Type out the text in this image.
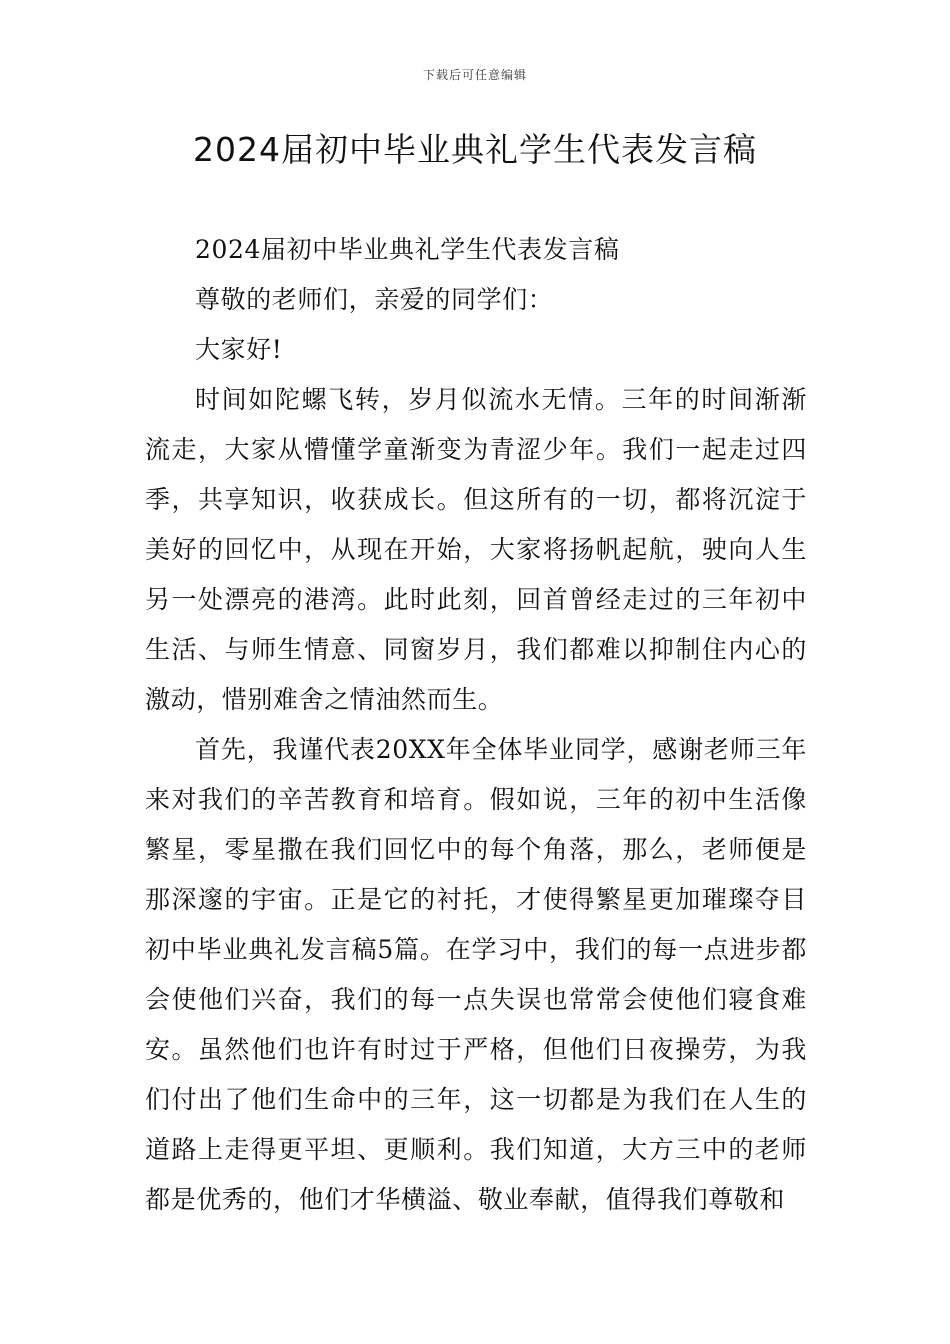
下载后可任意编辑
2024届初中毕业典礼学生代表发言稿

2024届初中毕业典礼学生代表发言稿

尊敬的老师们，亲爱的同学们：

大家好!

时间如陀螺飞转，岁月似流水无情。三年的时间渐渐流走，大家从懵懂学童渐变为青涩少年。我们一起走过四季，共享知识，收获成长。但这所有的一切，都将沉淀于美好的回忆中，从现在开始，大家将扬帆起航，驶向人生另一处漂亮的港湾。此时此刻，回首曾经走过的三年初中生活、与师生情意、同窗岁月，我们都难以抑制住内心的激动，惜别难舍之情油然而生。

首先，我谨代表20XX年全体毕业同学，感谢老师三年来对我们的辛苦教育和培育。假如说，三年的初中生活像繁星，零星撒在我们回忆中的每个角落，那么，老师便是那深邃的宇宙。正是它的衬托，才使得繁星更加璀璨夺目初中毕业典礼发言稿5篇。在学习中，我们的每一点进步都会使他们兴奋，我们的每一点失误也常常会使他们寝食难安。虽然他们也许有时过于严格，但他们日夜操劳，为我们付出了他们生命中的三年，这一切都是为我们在人生的道路上走得更平坦、更顺利。我们知道，大方三中的老师都是优秀的，他们才华横溢、敬业奉献，值得我们尊敬和
